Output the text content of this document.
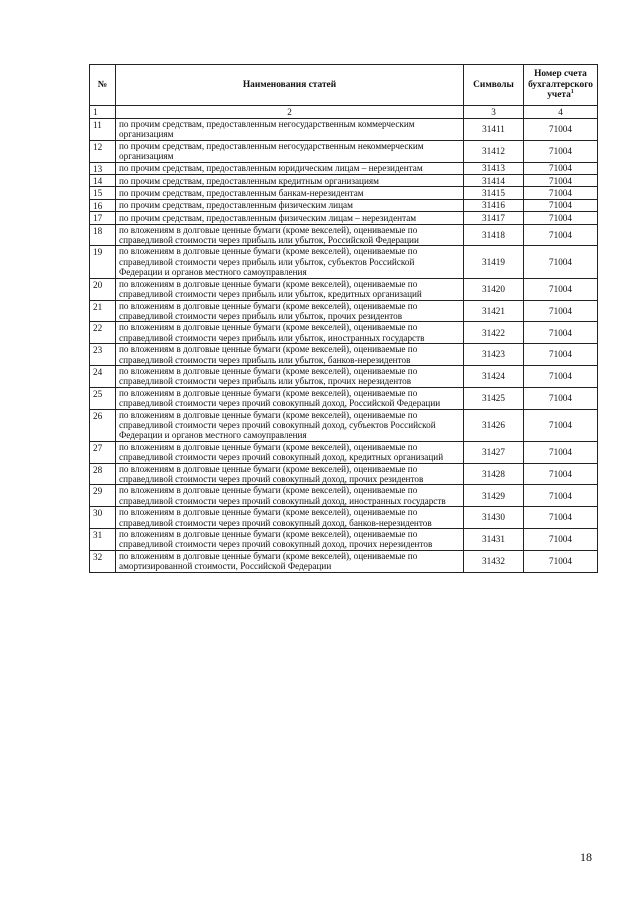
№	Наименования статей	Символы	Номер счета бухгалтерского учета$^1$
1	2	3	4
11	по прочим средствам, предоставленным негосударственным коммерческим организациям	31411	71004
12	по прочим средствам, предоставленным негосударственным некоммерческим организациям	31412	71004
13	по прочим средствам, предоставленным юридическим лицам – нерезидентам	31413	71004
14	по прочим средствам, предоставленным кредитным организациям	31414	71004
15	по прочим средствам, предоставленным банкам-нерезидентам	31415	71004
16	по прочим средствам, предоставленным физическим лицам	31416	71004
17	по прочим средствам, предоставленным физическим лицам – нерезидентам	31417	71004
18	по вложениям в долговые ценные бумаги (кроме векселей), оцениваемые по справедливой стоимости через прибыль или убыток, Российской Федерации	31418	71004
19	по вложениям в долговые ценные бумаги (кроме векселей), оцениваемые по справедливой стоимости через прибыль или убыток, субъектов Российской Федерации и органов местного самоуправления	31419	71004
20	по вложениям в долговые ценные бумаги (кроме векселей), оцениваемые по справедливой стоимости через прибыль или убыток, кредитных организаций	31420	71004
21	по вложениям в долговые ценные бумаги (кроме векселей), оцениваемые по справедливой стоимости через прибыль или убыток, прочих резидентов	31421	71004
22	по вложениям в долговые ценные бумаги (кроме векселей), оцениваемые по справедливой стоимости через прибыль или убыток, иностранных государств	31422	71004
23	по вложениям в долговые ценные бумаги (кроме векселей), оцениваемые по справедливой стоимости через прибыль или убыток, банков-нерезидентов	31423	71004
24	по вложениям в долговые ценные бумаги (кроме векселей), оцениваемые по справедливой стоимости через прибыль или убыток, прочих нерезидентов	31424	71004
25	по вложениям в долговые ценные бумаги (кроме векселей), оцениваемые по справедливой стоимости через прочий совокупный доход, Российской Федерации	31425	71004
26	по вложениям в долговые ценные бумаги (кроме векселей), оцениваемые по справедливой стоимости через прочий совокупный доход, субъектов Российской Федерации и органов местного самоуправления	31426	71004
27	по вложениям в долговые ценные бумаги (кроме векселей), оцениваемые по справедливой стоимости через прочий совокупный доход, кредитных организаций	31427	71004
28	по вложениям в долговые ценные бумаги (кроме векселей), оцениваемые по справедливой стоимости через прочий совокупный доход, прочих резидентов	31428	71004
29	по вложениям в долговые ценные бумаги (кроме векселей), оцениваемые по справедливой стоимости через прочий совокупный доход, иностранных государств	31429	71004
30	по вложениям в долговые ценные бумаги (кроме векселей), оцениваемые по справедливой стоимости через прочий совокупный доход, банков-нерезидентов	31430	71004
31	по вложениям в долговые ценные бумаги (кроме векселей), оцениваемые по справедливой стоимости через прочий совокупный доход, прочих нерезидентов	31431	71004
32	по вложениям в долговые ценные бумаги (кроме векселей), оцениваемые по амортизированной стоимости, Российской Федерации	31432	71004
18
